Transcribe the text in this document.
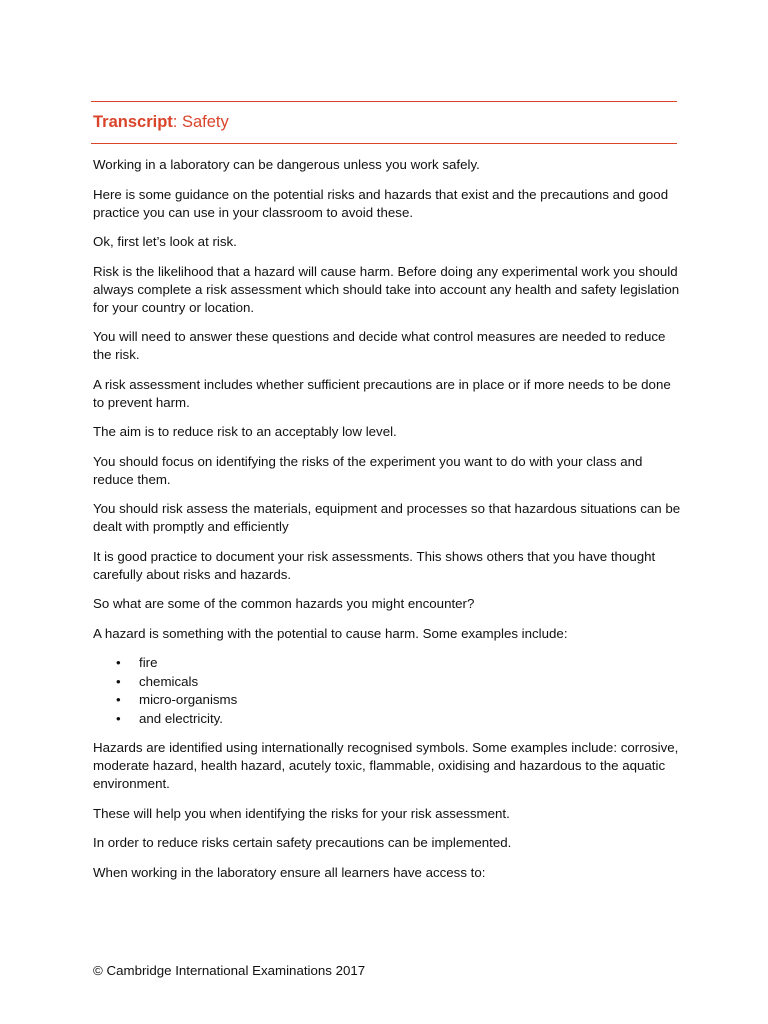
Transcript: Safety

Working in a laboratory can be dangerous unless you work safely.

Here is some guidance on the potential risks and hazards that exist and the precautions and good practice you can use in your classroom to avoid these.

Ok, first let’s look at risk.

Risk is the likelihood that a hazard will cause harm. Before doing any experimental work you should always complete a risk assessment which should take into account any health and safety legislation for your country or location.

You will need to answer these questions and decide what control measures are needed to reduce the risk.

A risk assessment includes whether sufficient precautions are in place or if more needs to be done to prevent harm.

The aim is to reduce risk to an acceptably low level.

You should focus on identifying the risks of the experiment you want to do with your class and reduce them.

You should risk assess the materials, equipment and processes so that hazardous situations can be dealt with promptly and efficiently

It is good practice to document your risk assessments. This shows others that you have thought carefully about risks and hazards.

So what are some of the common hazards you might encounter?

A hazard is something with the potential to cause harm. Some examples include:

• fire
• chemicals
• micro-organisms
• and electricity.

Hazards are identified using internationally recognised symbols. Some examples include: corrosive, moderate hazard, health hazard, acutely toxic, flammable, oxidising and hazardous to the aquatic environment.

These will help you when identifying the risks for your risk assessment.

In order to reduce risks certain safety precautions can be implemented.

When working in the laboratory ensure all learners have access to:

© Cambridge International Examinations 2017
